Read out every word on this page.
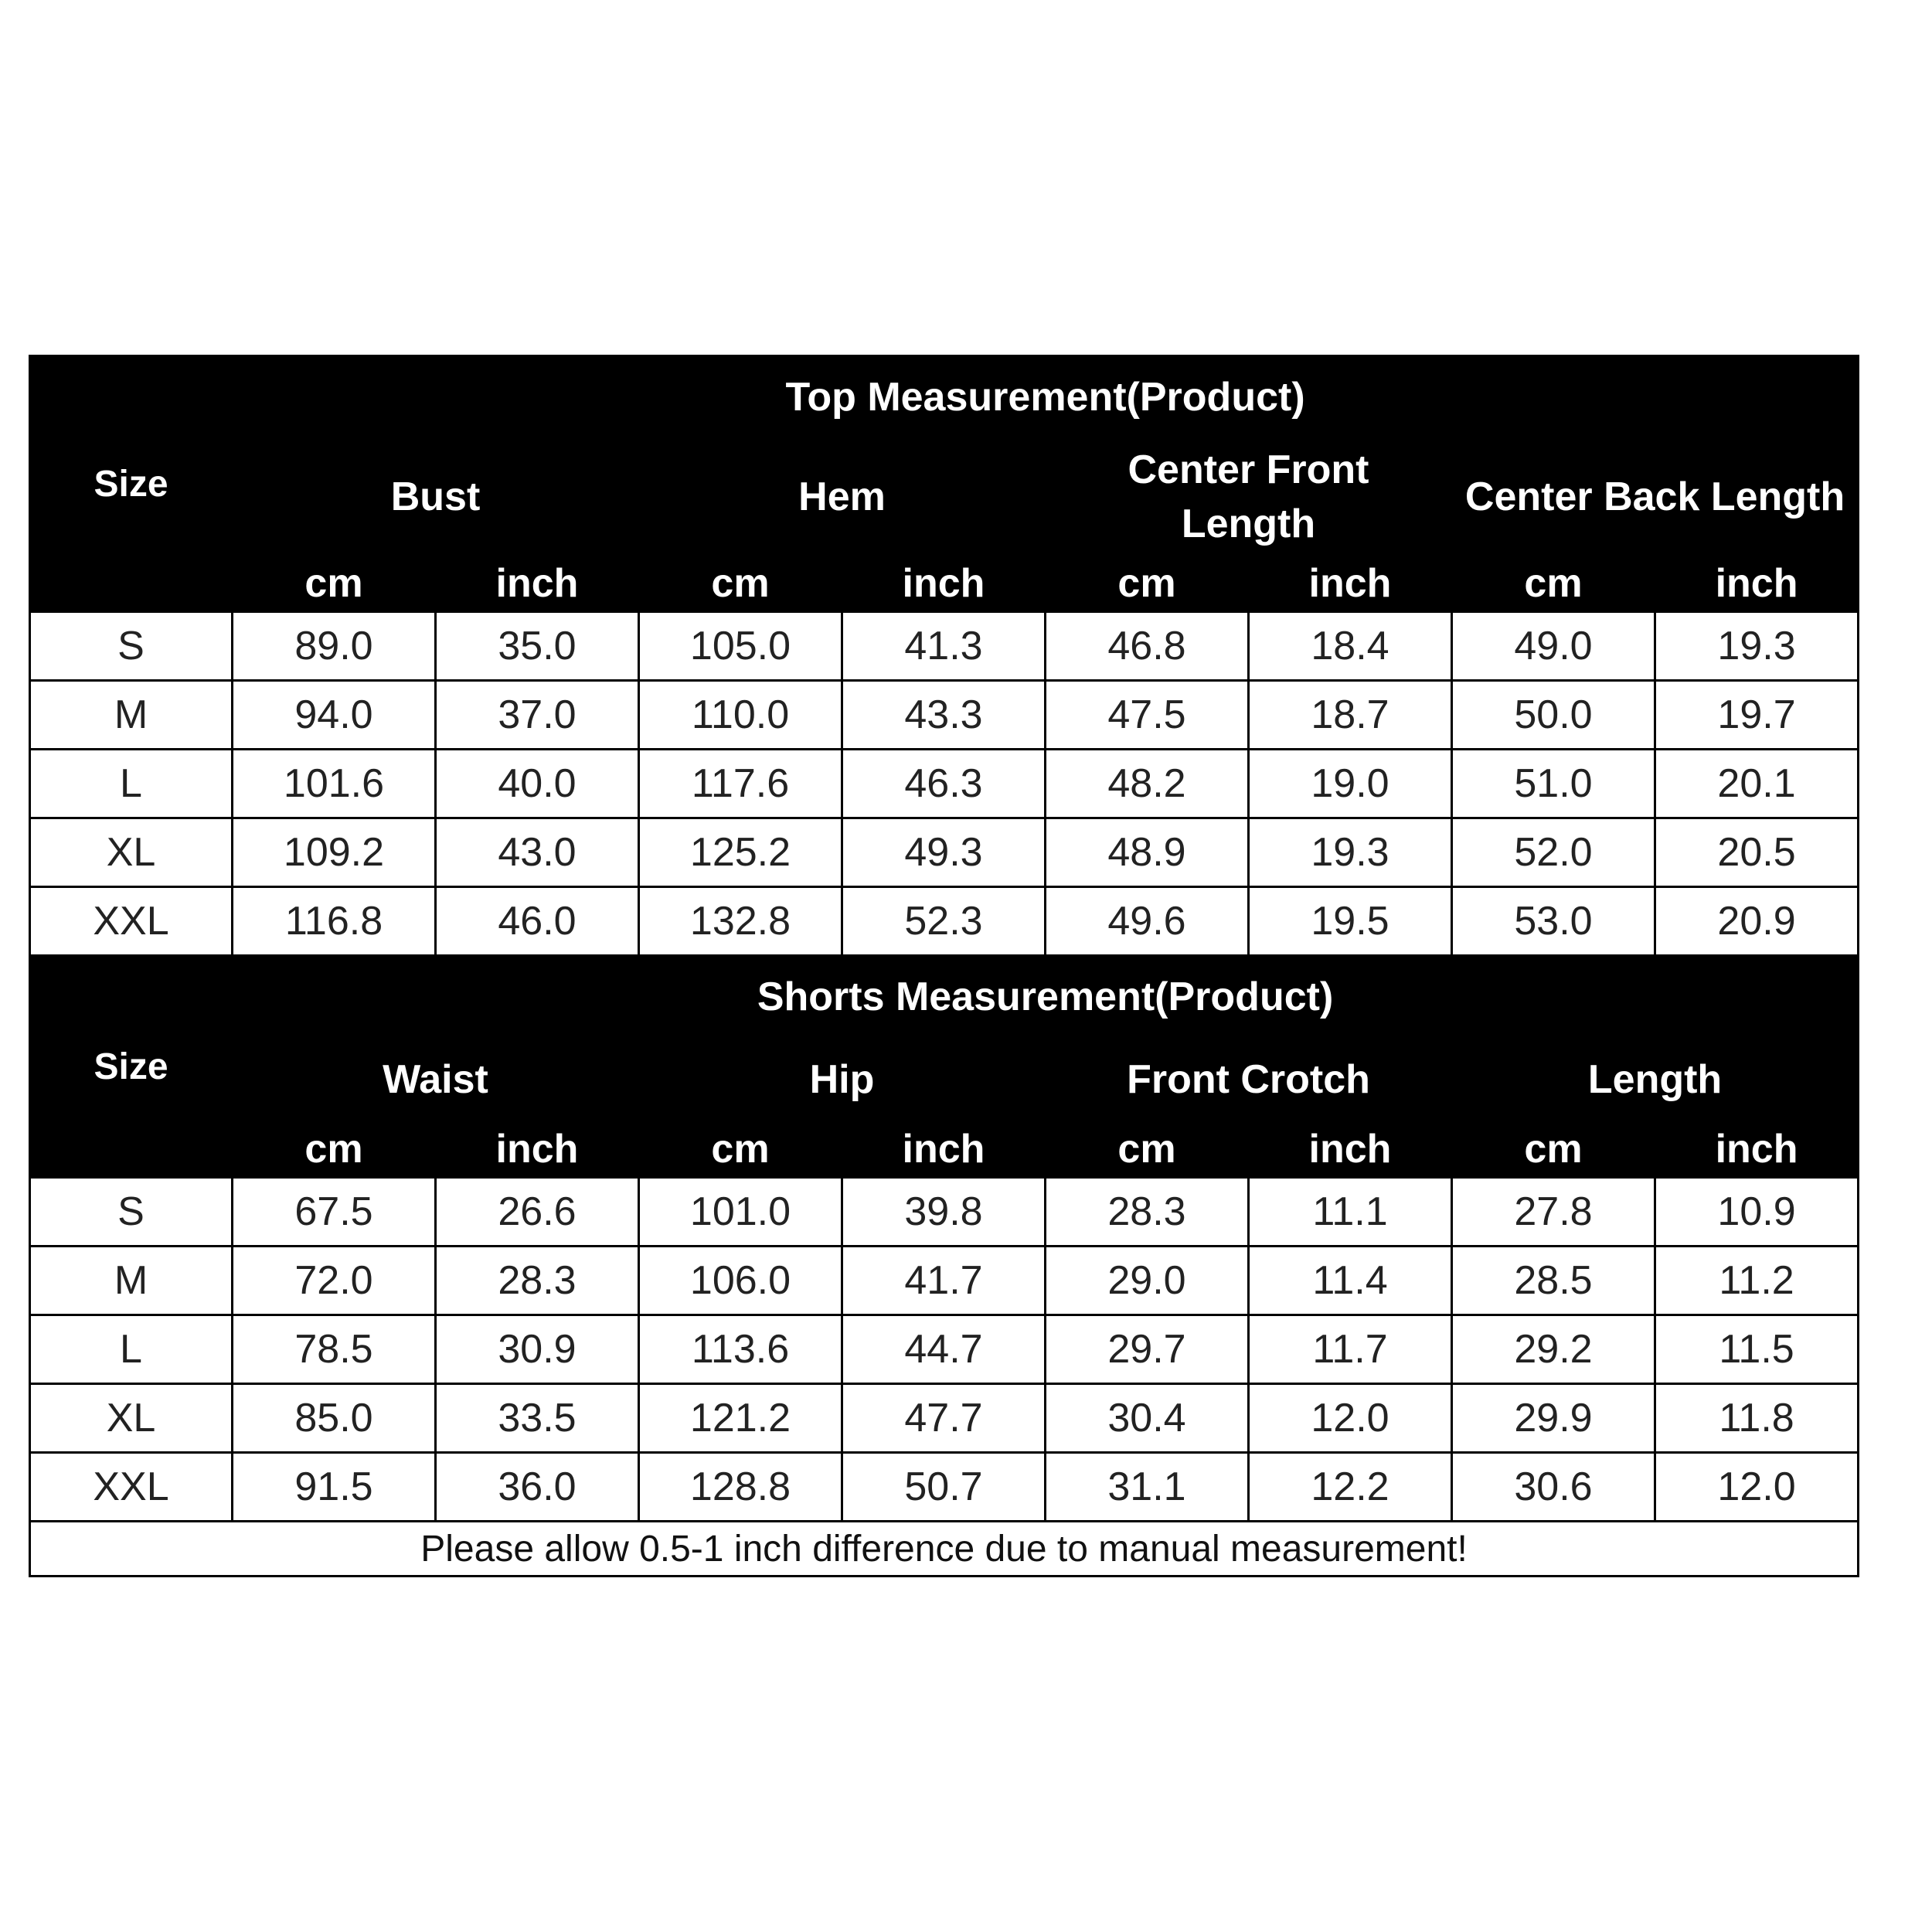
Size	Top Measurement(Product)							
	Bust		Hem		Center Front Length		Center Back Length	
	cm	inch	cm	inch	cm	inch	cm	inch
S	89.0	35.0	105.0	41.3	46.8	18.4	49.0	19.3
M	94.0	37.0	110.0	43.3	47.5	18.7	50.0	19.7
L	101.6	40.0	117.6	46.3	48.2	19.0	51.0	20.1
XL	109.2	43.0	125.2	49.3	48.9	19.3	52.0	20.5
XXL	116.8	46.0	132.8	52.3	49.6	19.5	53.0	20.9
Size	Shorts Measurement(Product)							
	Waist		Hip		Front Crotch		Length	
	cm	inch	cm	inch	cm	inch	cm	inch
S	67.5	26.6	101.0	39.8	28.3	11.1	27.8	10.9
M	72.0	28.3	106.0	41.7	29.0	11.4	28.5	11.2
L	78.5	30.9	113.6	44.7	29.7	11.7	29.2	11.5
XL	85.0	33.5	121.2	47.7	30.4	12.0	29.9	11.8
XXL	91.5	36.0	128.8	50.7	31.1	12.2	30.6	12.0
Please allow 0.5-1 inch difference due to manual measurement!								
